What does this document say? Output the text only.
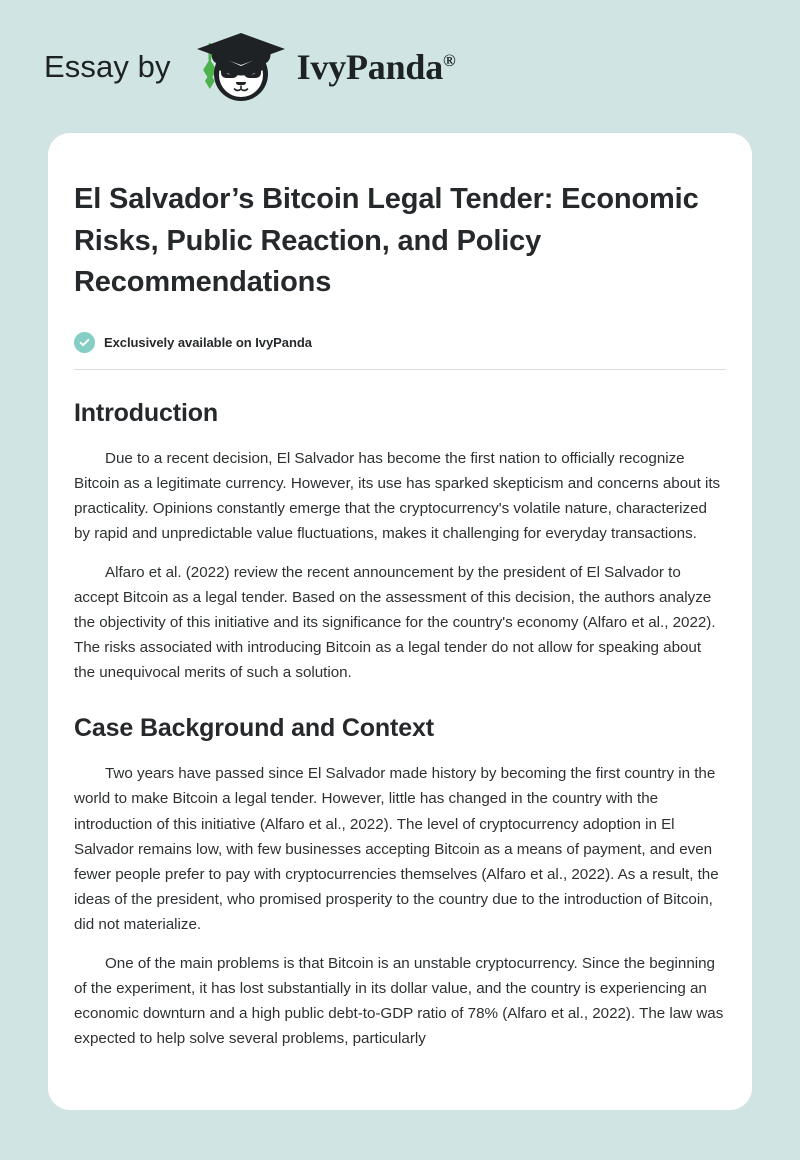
Essay by	IvyPanda®
El Salvador’s Bitcoin Legal Tender: Economic Risks, Public Reaction, and Policy Recommendations
Exclusively available on IvyPanda
Introduction

Due to a recent decision, El Salvador has become the first nation to officially recognize Bitcoin as a legitimate currency. However, its use has sparked skepticism and concerns about its practicality. Opinions constantly emerge that the cryptocurrency's volatile nature, characterized by rapid and unpredictable value fluctuations, makes it challenging for everyday transactions.

Alfaro et al. (2022) review the recent announcement by the president of El Salvador to accept Bitcoin as a legal tender. Based on the assessment of this decision, the authors analyze the objectivity of this initiative and its significance for the country's economy (Alfaro et al., 2022). The risks associated with introducing Bitcoin as a legal tender do not allow for speaking about the unequivocal merits of such a solution.

Case Background and Context

Two years have passed since El Salvador made history by becoming the first country in the world to make Bitcoin a legal tender. However, little has changed in the country with the introduction of this initiative (Alfaro et al., 2022). The level of cryptocurrency adoption in El Salvador remains low, with few businesses accepting Bitcoin as a means of payment, and even fewer people prefer to pay with cryptocurrencies themselves (Alfaro et al., 2022). As a result, the ideas of the president, who promised prosperity to the country due to the introduction of Bitcoin, did not materialize.

One of the main problems is that Bitcoin is an unstable cryptocurrency. Since the beginning of the experiment, it has lost substantially in its dollar value, and the country is experiencing an economic downturn and a high public debt-to-GDP ratio of 78% (Alfaro et al., 2022). The law was expected to help solve several problems, particularly
